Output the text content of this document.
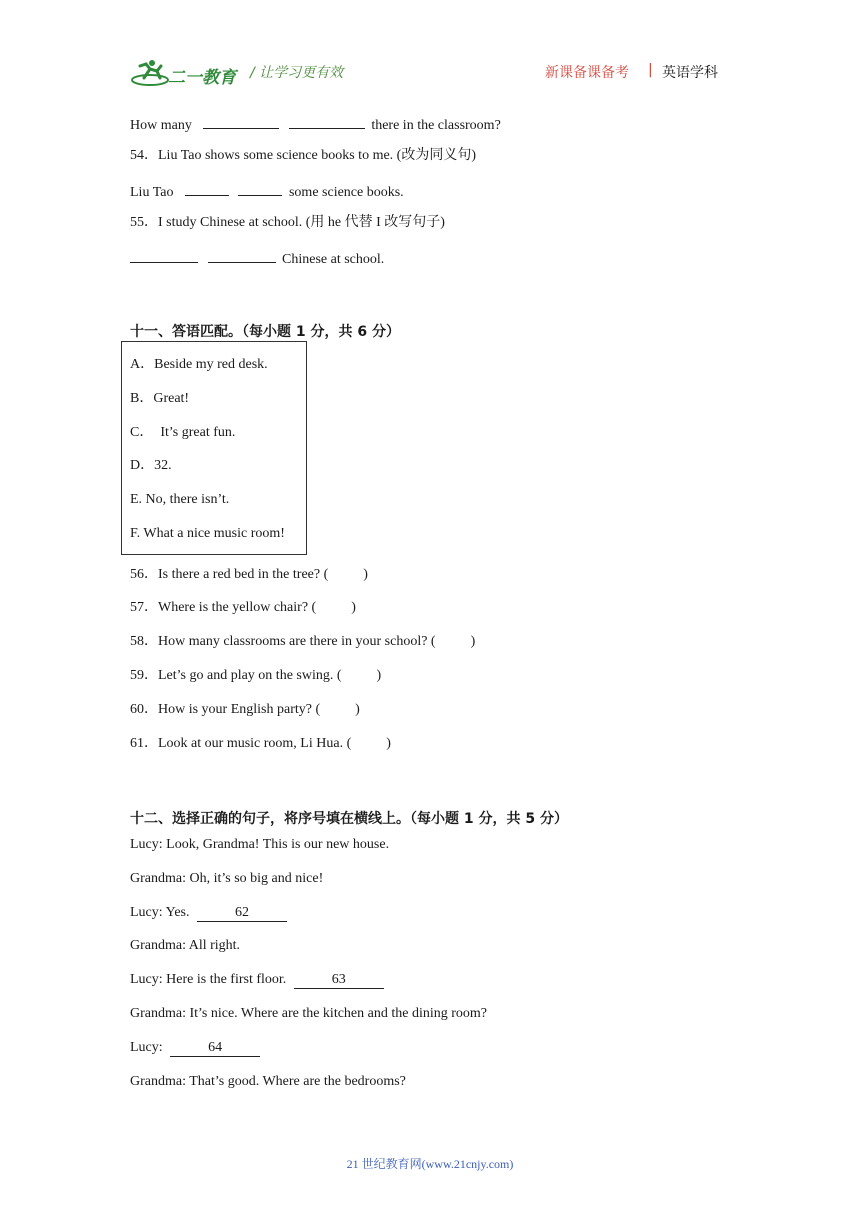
二一教育 / 让学习更有效	新课备课备考 | 英语学科
How many	there in the classroom?
54．Liu Tao shows some science books to me. (改为同义句)
Liu Tao	some science books.
55．I study Chinese at school. (用 he 代替 I 改写句子)
Chinese at school.
十一、答语匹配。（每小题 1 分，共 6 分）
A．Beside my red desk.
B．Great!
C．  It’s great fun.
D．32.
E. No, there isn’t.
F. What a nice music room!
56．Is there a red bed in the tree? (          )
57．Where is the yellow chair? (          )
58．How many classrooms are there in your school? (          )
59．Let’s go and play on the swing. (          )
60．How is your English party? (          )
61．Look at our music room, Li Hua. (          )
十二、选择正确的句子，将序号填在横线上。（每小题 1 分，共 5 分）
Lucy: Look, Grandma! This is our new house.
Grandma: Oh, it’s so big and nice!
Lucy: Yes.	62
Grandma: All right.
Lucy: Here is the first floor.	63
Grandma: It’s nice. Where are the kitchen and the dining room?
Lucy:	64
Grandma: That’s good. Where are the bedrooms?
21 世纪教育网(www.21cnjy.com)
